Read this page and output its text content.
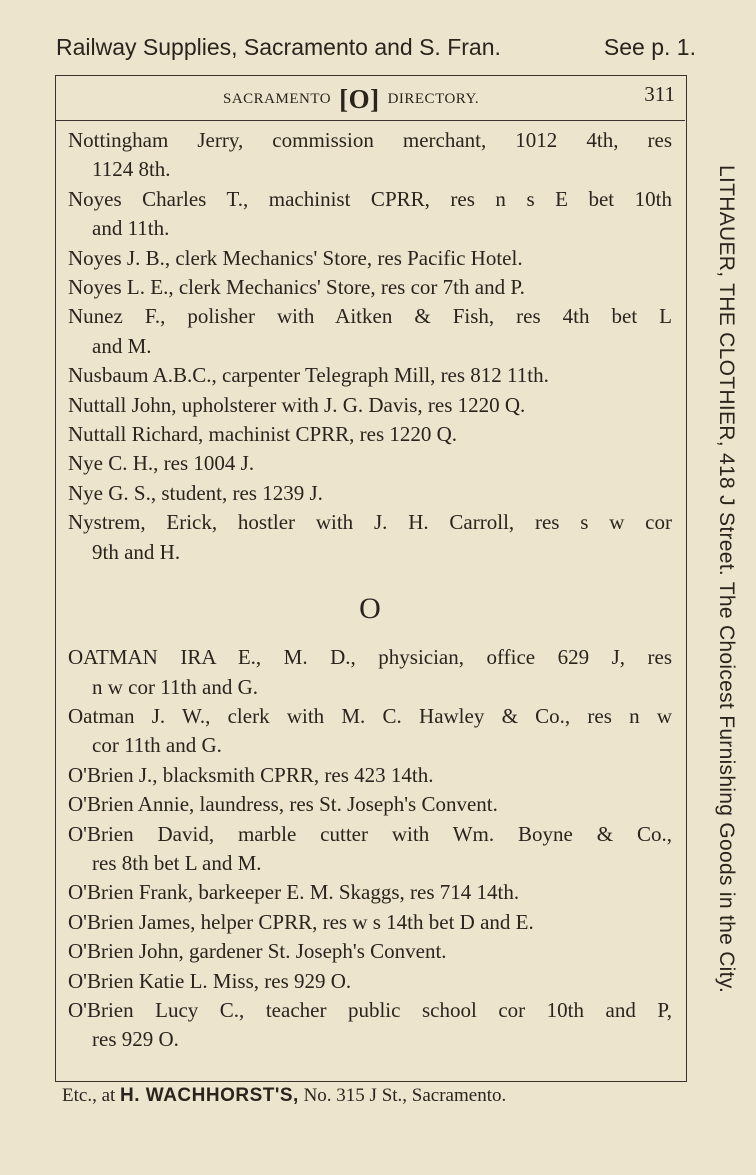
Railway Supplies, Sacramento and S. Fran.	See p. 1.
SACRAMENTO [O] DIRECTORY.	311
Nottingham Jerry, commission merchant, 1012 4th, res
1124 8th.
Noyes Charles T., machinist CPRR, res n s E bet 10th
and 11th.
Noyes J. B., clerk Mechanics' Store, res Pacific Hotel.
Noyes L. E., clerk Mechanics' Store, res cor 7th and P.
Nunez F., polisher with Aitken & Fish, res 4th bet L
and M.
Nusbaum A.B.C., carpenter Telegraph Mill, res 812 11th.
Nuttall John, upholsterer with J. G. Davis, res 1220 Q.
Nuttall Richard, machinist CPRR, res 1220 Q.
Nye C. H., res 1004 J.
Nye G. S., student, res 1239 J.
Nystrem, Erick, hostler with J. H. Carroll, res s w cor
9th and H.
O
OATMAN IRA E., M. D., physician, office 629 J, res
n w cor 11th and G.
Oatman J. W., clerk with M. C. Hawley & Co., res n w
cor 11th and G.
O'Brien J., blacksmith CPRR, res 423 14th.
O'Brien Annie, laundress, res St. Joseph's Convent.
O'Brien David, marble cutter with Wm. Boyne & Co.,
res 8th bet L and M.
O'Brien Frank, barkeeper E. M. Skaggs, res 714 14th.
O'Brien James, helper CPRR, res w s 14th bet D and E.
O'Brien John, gardener St. Joseph's Convent.
O'Brien Katie L. Miss, res 929 O.
O'Brien Lucy C., teacher public school cor 10th and P,
res 929 O.
LITHAUER, THE CLOTHIER, 418 J Street. The Choicest Furnishing Goods in the City.
Etc., at H. WACHHORST'S, No. 315 J St., Sacramento.
